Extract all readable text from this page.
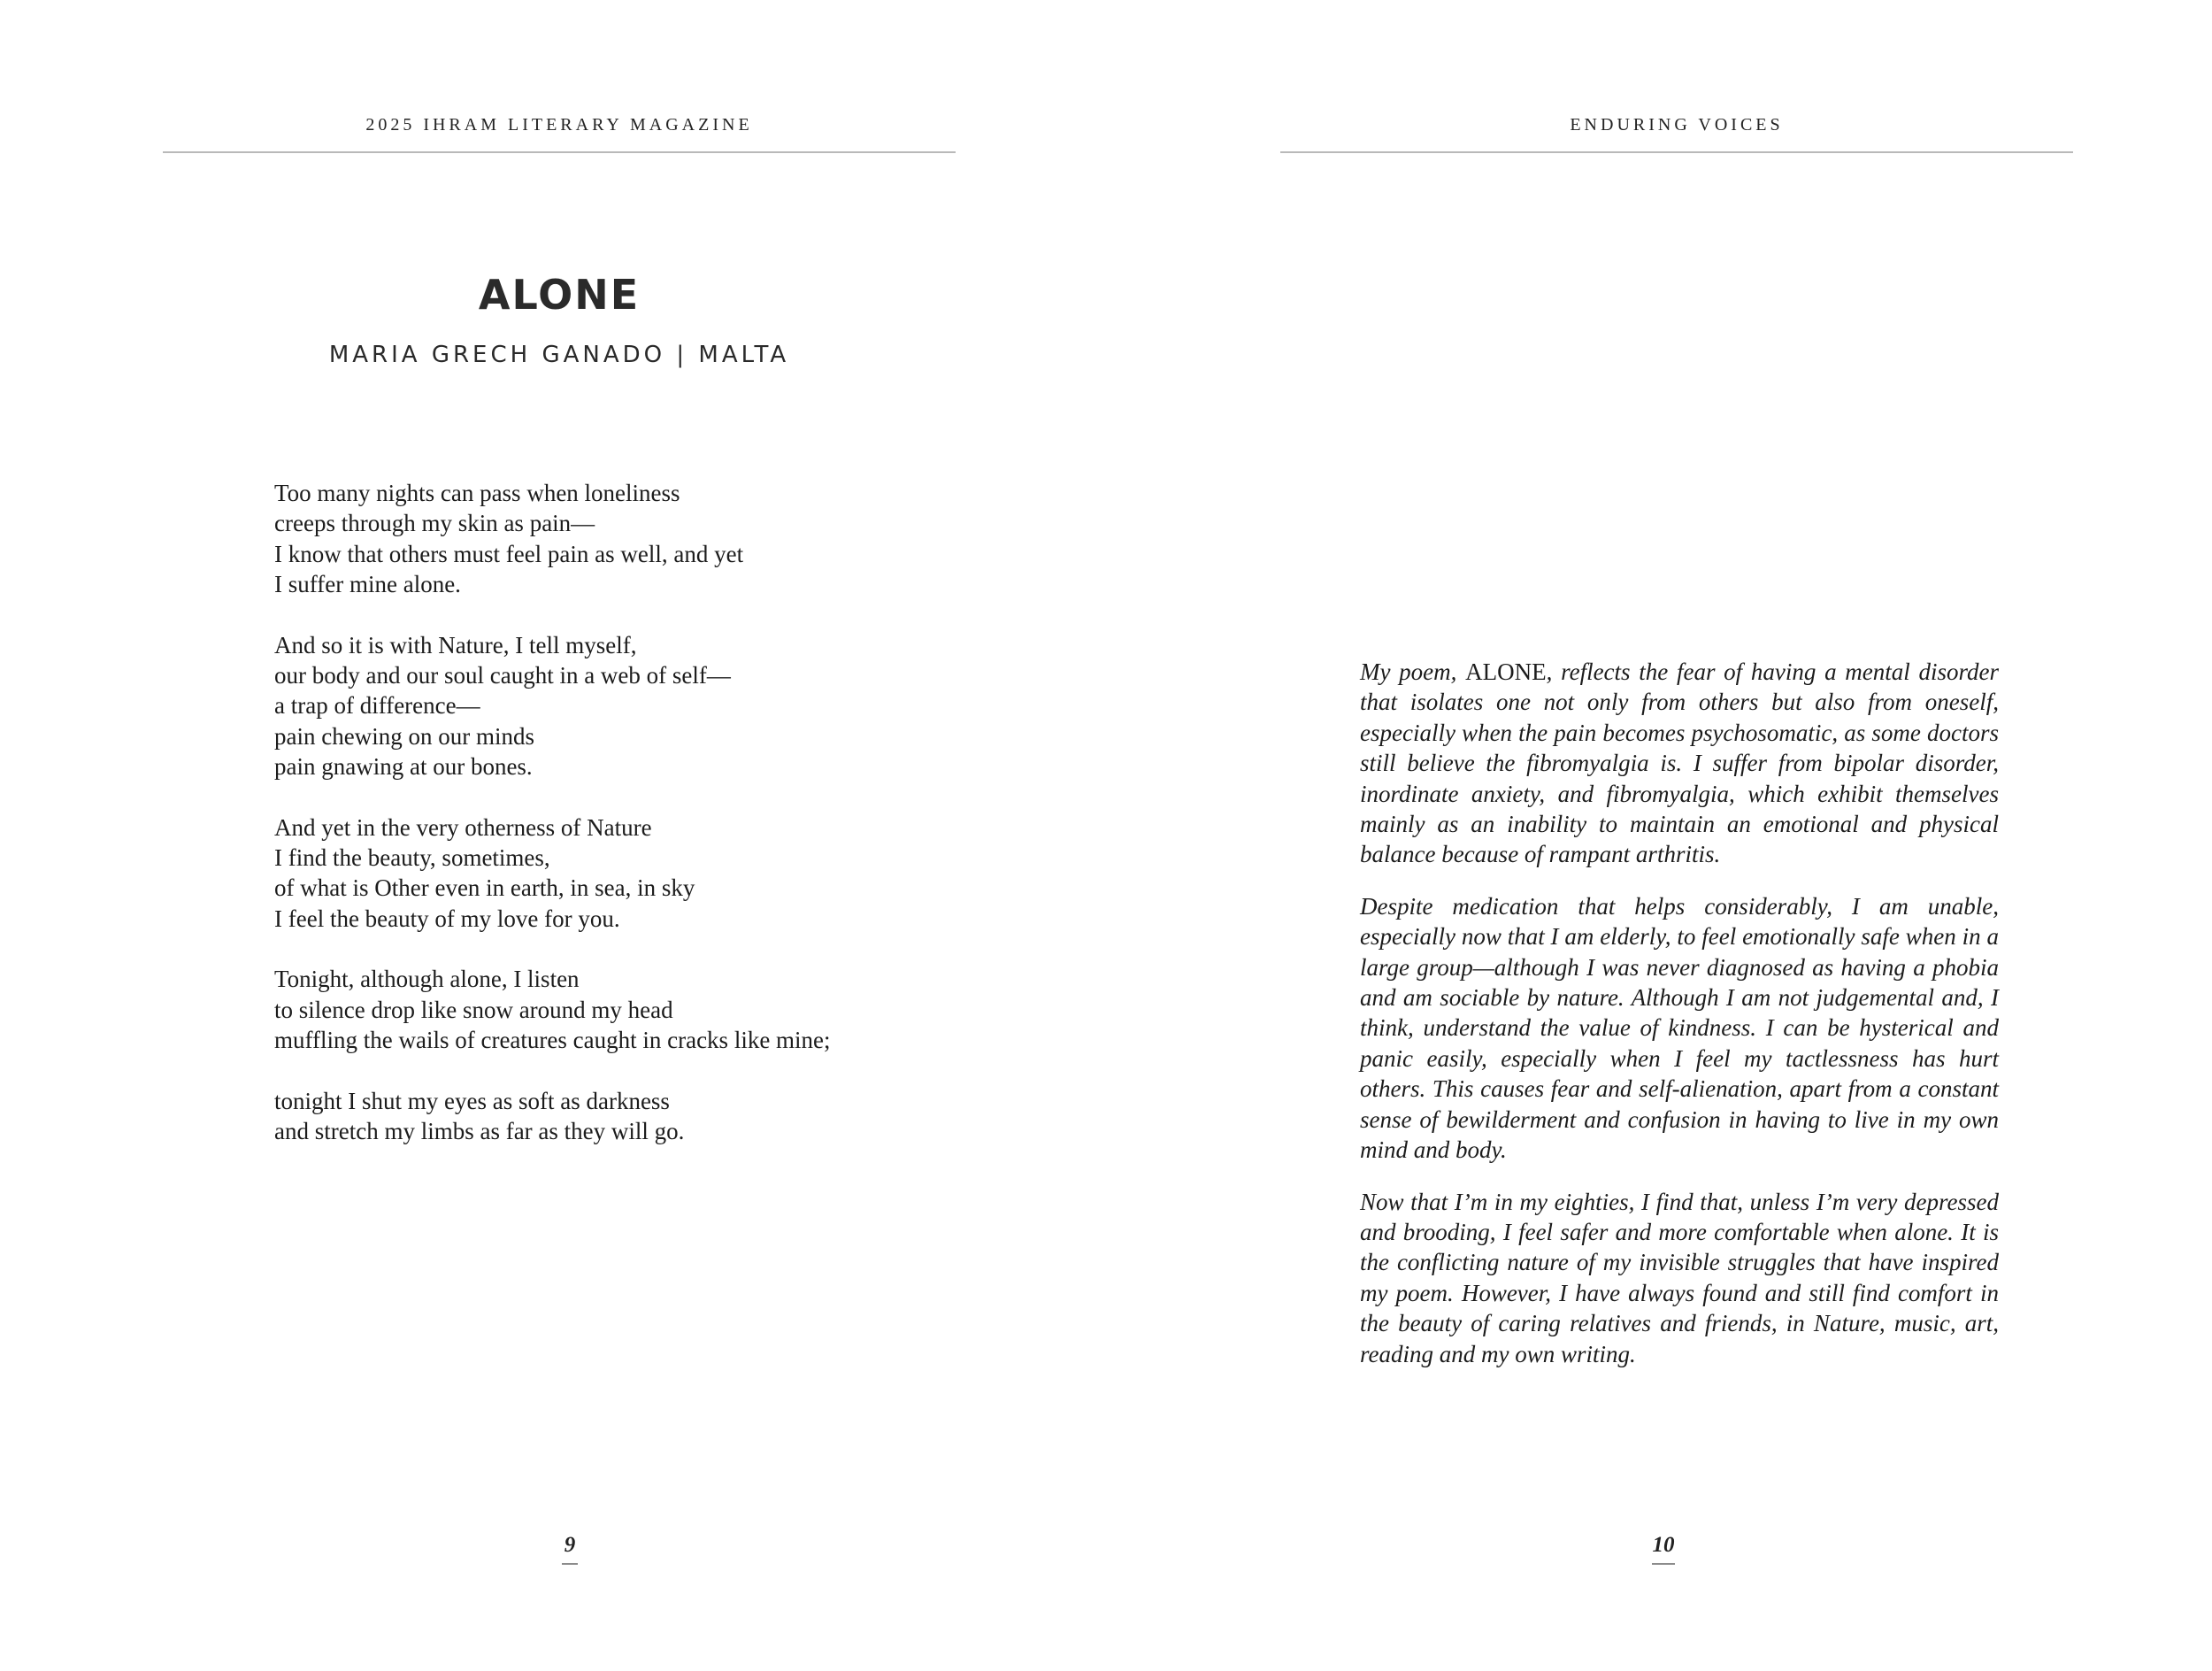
2025 IHRAM LITERARY MAGAZINE
ALONE
MARIA GRECH GANADO | MALTA
Too many nights can pass when loneliness
creeps through my skin as pain—
I know that others must feel pain as well, and yet
I suffer mine alone.
And so it is with Nature, I tell myself,
our body and our soul caught in a web of self—
a trap of difference—
pain chewing on our minds
pain gnawing at our bones.
And yet in the very otherness of Nature
I find the beauty, sometimes,
of what is Other even in earth, in sea, in sky
I feel the beauty of my love for you.
Tonight, although alone, I listen
to silence drop like snow around my head
muffling the wails of creatures caught in cracks like mine;
tonight I shut my eyes as soft as darkness
and stretch my limbs as far as they will go.
9
ENDURING VOICES

My poem, ALONE, reflects the fear of having a mental disorder that isolates one not only from others but also from oneself, especially when the pain becomes psychosomatic, as some doctors still believe the fibromyalgia is. I suffer from bipolar disorder, inordinate anxiety, and fibromyalgia, which exhibit themselves mainly as an inability to maintain an emotional and physical balance because of rampant arthritis.

Despite medication that helps considerably, I am unable, especially now that I am elderly, to feel emotionally safe when in a large group—although I was never diagnosed as having a phobia and am sociable by nature. Although I am not judgemental and, I think, understand the value of kindness. I can be hysterical and panic easily, especially when I feel my tactlessness has hurt others. This causes fear and self-alienation, apart from a constant sense of bewilderment and confusion in having to live in my own mind and body.

Now that I’m in my eighties, I find that, unless I’m very depressed and brooding, I feel safer and more comfortable when alone. It is the conflicting nature of my invisible struggles that have inspired my poem. However, I have always found and still find comfort in the beauty of caring relatives and friends, in Nature, music, art, reading and my own writing.

10
